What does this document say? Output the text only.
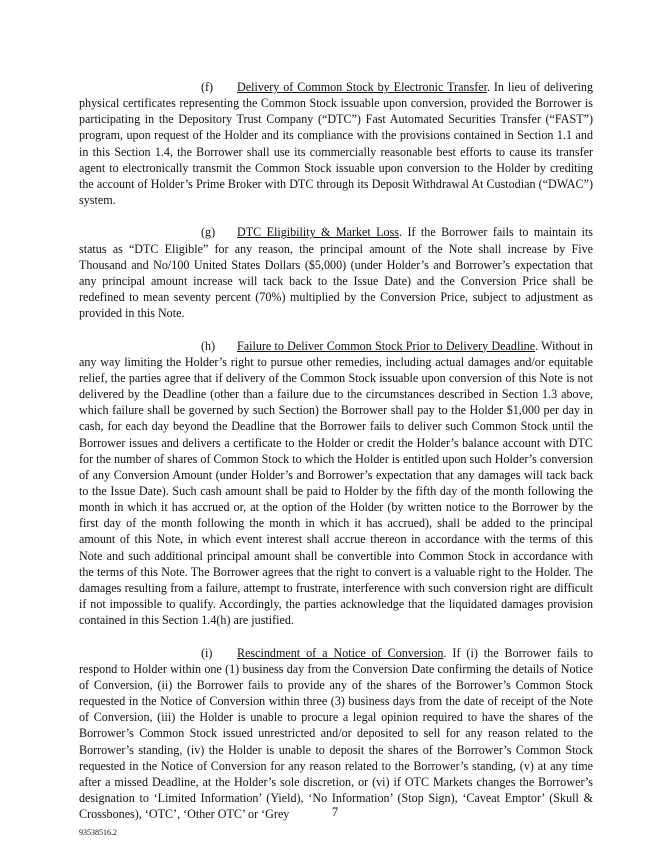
(f) Delivery of Common Stock by Electronic Transfer. In lieu of delivering physical certificates representing the Common Stock issuable upon conversion, provided the Borrower is participating in the Depository Trust Company (“DTC”) Fast Automated Securities Transfer (“FAST”) program, upon request of the Holder and its compliance with the provisions contained in Section 1.1 and in this Section 1.4, the Borrower shall use its commercially reasonable best efforts to cause its transfer agent to electronically transmit the Common Stock issuable upon conversion to the Holder by crediting the account of Holder’s Prime Broker with DTC through its Deposit Withdrawal At Custodian (“DWAC”) system.

(g) DTC Eligibility & Market Loss. If the Borrower fails to maintain its status as “DTC Eligible” for any reason, the principal amount of the Note shall increase by Five Thousand and No/100 United States Dollars ($5,000) (under Holder’s and Borrower’s expectation that any principal amount increase will tack back to the Issue Date) and the Conversion Price shall be redefined to mean seventy percent (70%) multiplied by the Conversion Price, subject to adjustment as provided in this Note.

(h) Failure to Deliver Common Stock Prior to Delivery Deadline. Without in any way limiting the Holder’s right to pursue other remedies, including actual damages and/or equitable relief, the parties agree that if delivery of the Common Stock issuable upon conversion of this Note is not delivered by the Deadline (other than a failure due to the circumstances described in Section 1.3 above, which failure shall be governed by such Section) the Borrower shall pay to the Holder $1,000 per day in cash, for each day beyond the Deadline that the Borrower fails to deliver such Common Stock until the Borrower issues and delivers a certificate to the Holder or credit the Holder’s balance account with DTC for the number of shares of Common Stock to which the Holder is entitled upon such Holder’s conversion of any Conversion Amount (under Holder’s and Borrower’s expectation that any damages will tack back to the Issue Date). Such cash amount shall be paid to Holder by the fifth day of the month following the month in which it has accrued or, at the option of the Holder (by written notice to the Borrower by the first day of the month following the month in which it has accrued), shall be added to the principal amount of this Note, in which event interest shall accrue thereon in accordance with the terms of this Note and such additional principal amount shall be convertible into Common Stock in accordance with the terms of this Note. The Borrower agrees that the right to convert is a valuable right to the Holder. The damages resulting from a failure, attempt to frustrate, interference with such conversion right are difficult if not impossible to qualify. Accordingly, the parties acknowledge that the liquidated damages provision contained in this Section 1.4(h) are justified.

(i) Rescindment of a Notice of Conversion. If (i) the Borrower fails to respond to Holder within one (1) business day from the Conversion Date confirming the details of Notice of Conversion, (ii) the Borrower fails to provide any of the shares of the Borrower’s Common Stock requested in the Notice of Conversion within three (3) business days from the date of receipt of the Note of Conversion, (iii) the Holder is unable to procure a legal opinion required to have the shares of the Borrower’s Common Stock issued unrestricted and/or deposited to sell for any reason related to the Borrower’s standing, (iv) the Holder is unable to deposit the shares of the Borrower’s Common Stock requested in the Notice of Conversion for any reason related to the Borrower’s standing, (v) at any time after a missed Deadline, at the Holder’s sole discretion, or (vi) if OTC Markets changes the Borrower’s designation to ‘Limited Information’ (Yield), ‘No Information’ (Stop Sign), ‘Caveat Emptor’ (Skull & Crossbones), ‘OTC’, ‘Other OTC’ or ‘Grey	7
93538516.2
